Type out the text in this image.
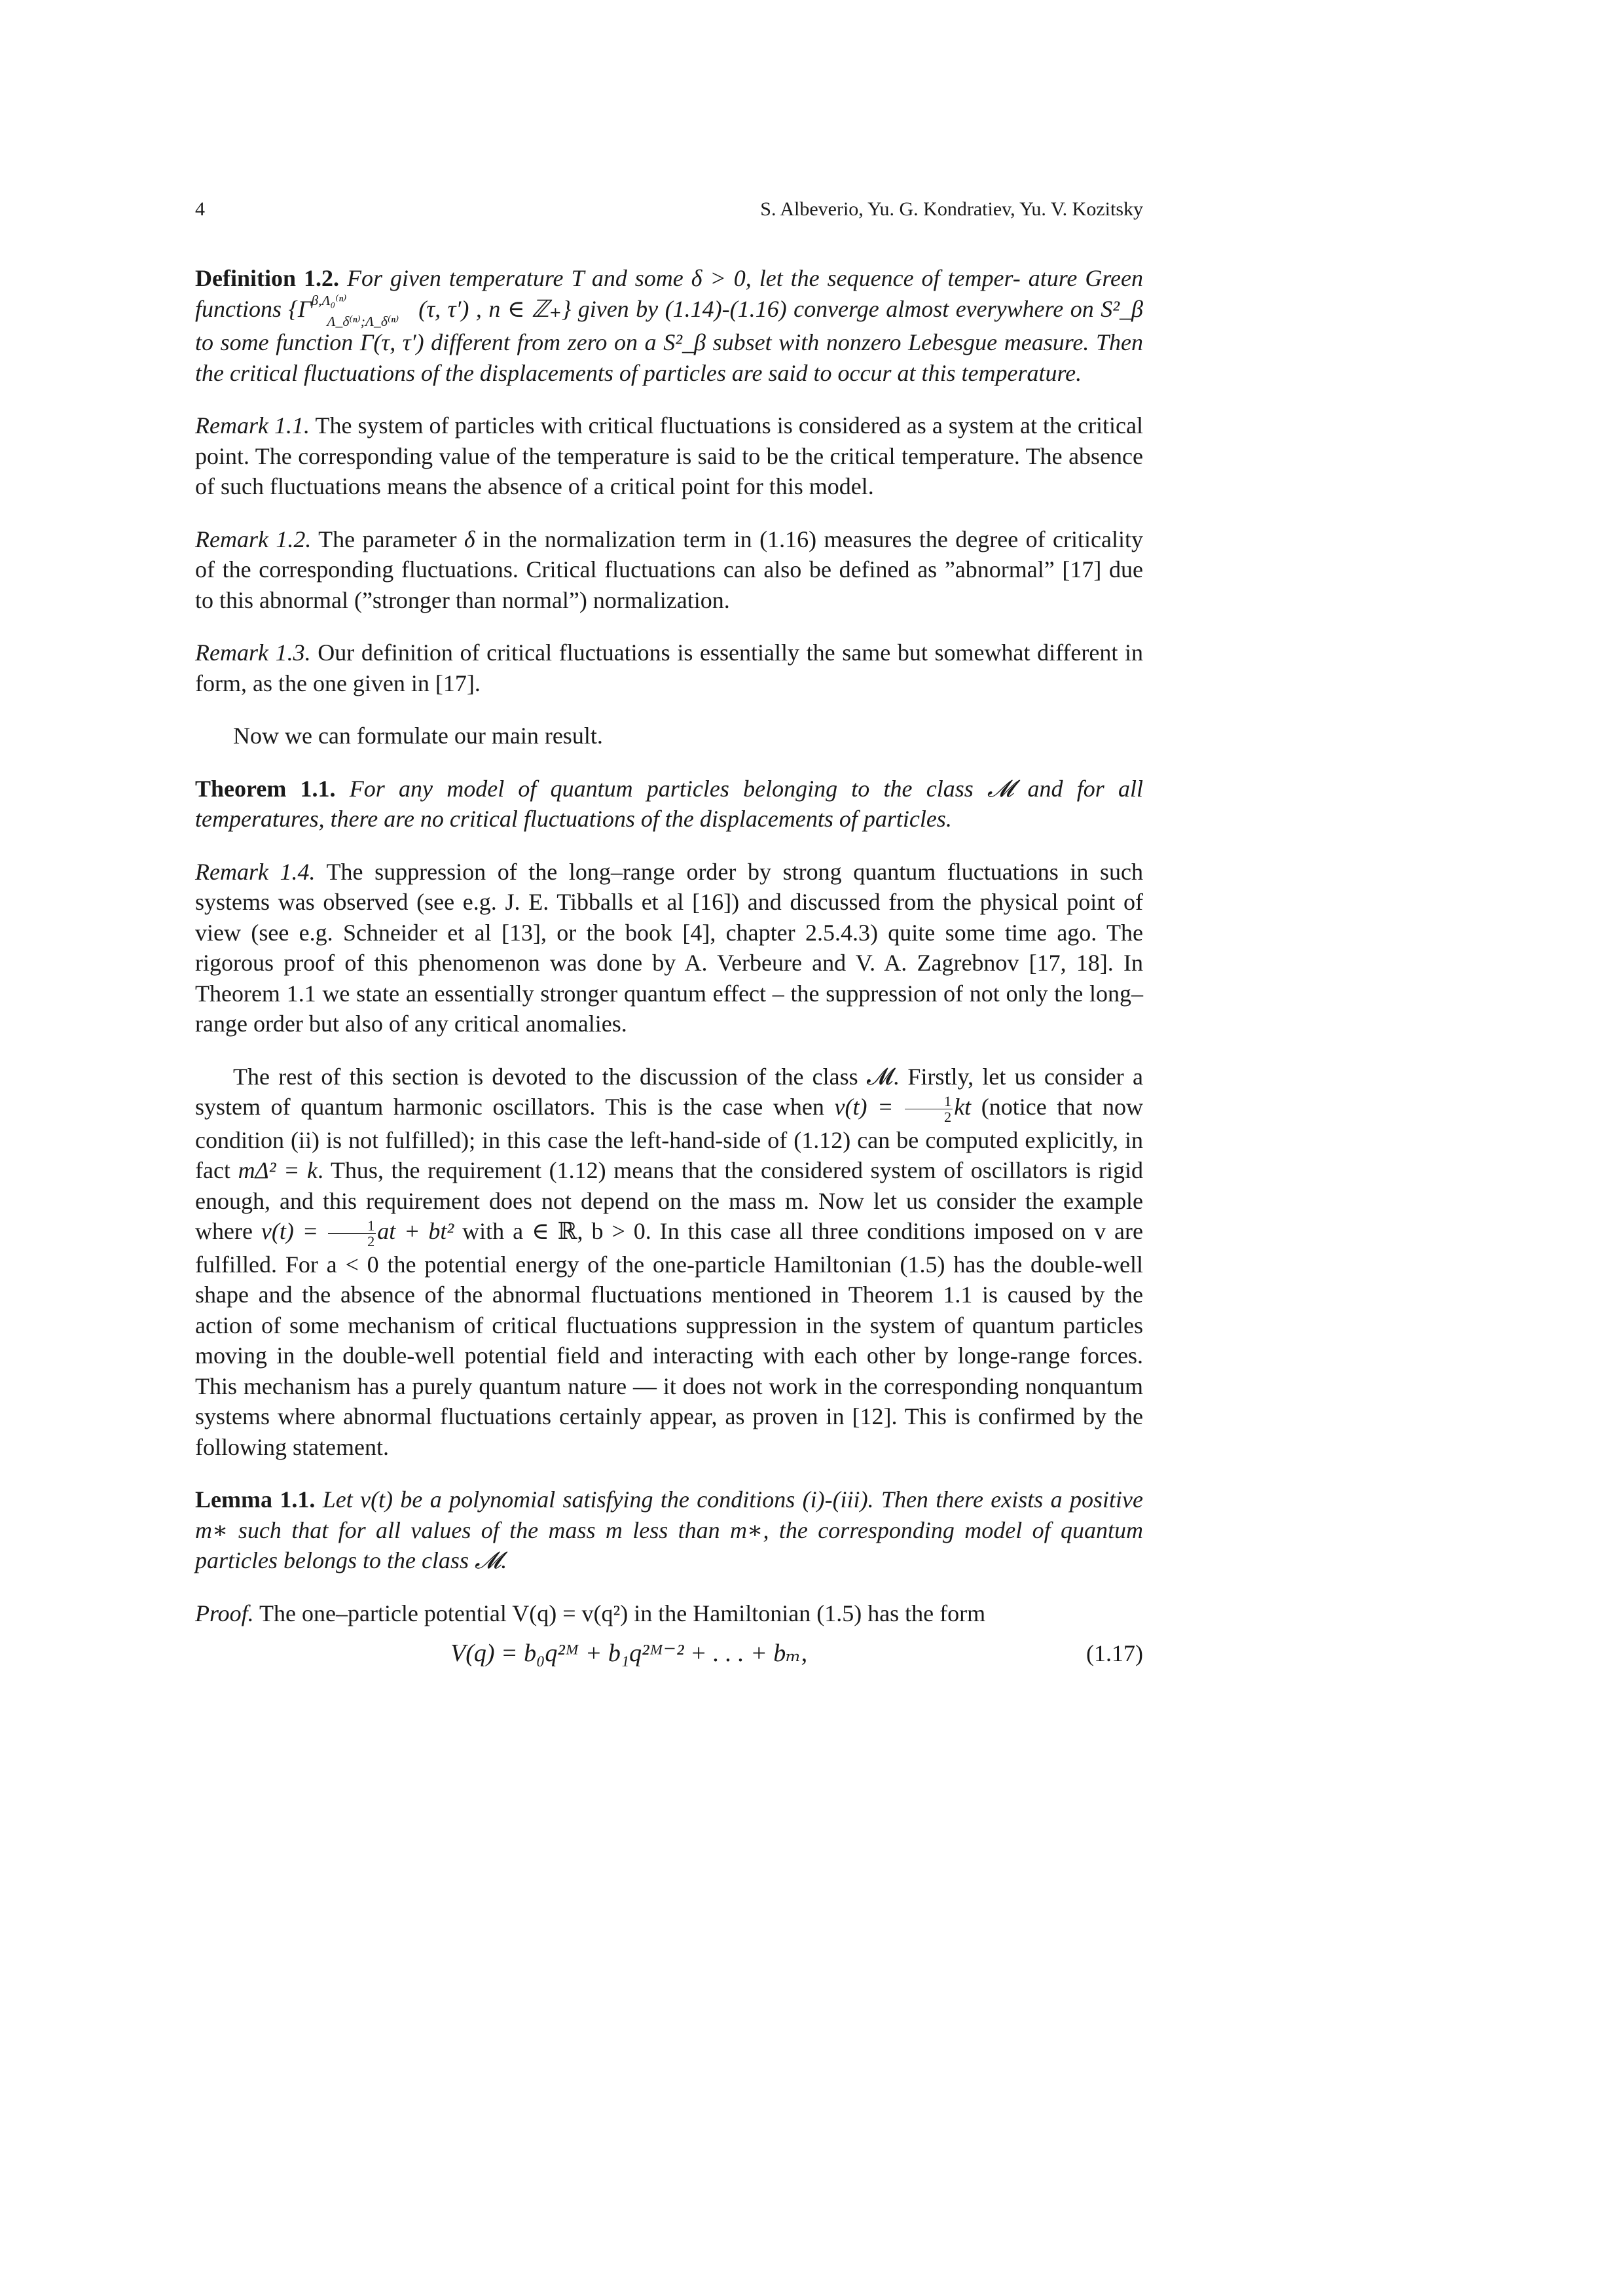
4	S. Albeverio, Yu. G. Kondratiev, Yu. V. Kozitsky

Definition 1.2. For given temperature T and some δ > 0, let the sequence of temper- ature Green functions {$\Gamma^{\beta,\Lambda_0^{(n)}}_{\Lambda\_\delta^{(n)};\Lambda\_\delta^{(n)}}$ (τ, τ′) , n ∈ ℤ₊} given by (1.14)-(1.16) converge almost everywhere on S²_β to some function Γ(τ, τ′) different from zero on a S²_β subset with nonzero Lebesgue measure. Then the critical fluctuations of the displacements of particles are said to occur at this temperature.

Remark 1.1. The system of particles with critical fluctuations is considered as a system at the critical point. The corresponding value of the temperature is said to be the critical temperature. The absence of such fluctuations means the absence of a critical point for this model.

Remark 1.2. The parameter δ in the normalization term in (1.16) measures the degree of criticality of the corresponding fluctuations. Critical fluctuations can also be defined as ”abnormal” [17] due to this abnormal (”stronger than normal”) normalization.

Remark 1.3. Our definition of critical fluctuations is essentially the same but somewhat different in form, as the one given in [17].

Now we can formulate our main result.

Theorem 1.1. For any model of quantum particles belonging to the class 𝓜 and for all temperatures, there are no critical fluctuations of the displacements of particles.

Remark 1.4. The suppression of the long–range order by strong quantum fluctuations in such systems was observed (see e.g. J. E. Tibballs et al [16]) and discussed from the physical point of view (see e.g. Schneider et al [13], or the book [4], chapter 2.5.4.3) quite some time ago. The rigorous proof of this phenomenon was done by A. Verbeure and V. A. Zagrebnov [17, 18]. In Theorem 1.1 we state an essentially stronger quantum effect – the suppression of not only the long–range order but also of any critical anomalies.

The rest of this section is devoted to the discussion of the class 𝓜. Firstly, let us consider a system of quantum harmonic oscillators. This is the case when $v(t) = \frac{1}{2}$ kt (notice that now condition (ii) is not fulfilled); in this case the left-hand-side of (1.12) can be computed explicitly, in fact mΔ² = k. Thus, the requirement (1.12) means that the considered system of oscillators is rigid enough, and this requirement does not depend on the mass m. Now let us consider the example where $v(t) = \frac{1}{2}$ at + bt² with a ∈ ℝ, b > 0. In this case all three conditions imposed on v are fulfilled. For a < 0 the potential energy of the one-particle Hamiltonian (1.5) has the double-well shape and the absence of the abnormal fluctuations mentioned in Theorem 1.1 is caused by the action of some mechanism of critical fluctuations suppression in the system of quantum particles moving in the double-well potential field and interacting with each other by longe-range forces. This mechanism has a purely quantum nature — it does not work in the corresponding nonquantum systems where abnormal fluctuations certainly appear, as proven in [12]. This is confirmed by the following statement.

Lemma 1.1. Let v(t) be a polynomial satisfying the conditions (i)-(iii). Then there exists a positive m∗ such that for all values of the mass m less than m∗, the corresponding model of quantum particles belongs to the class 𝓜.

Proof. The one–particle potential V(q) = v(q²) in the Hamiltonian (1.5) has the form

V(q) = b₀q²ᴹ + b₁q²ᴹ⁻² + . . . + bₘ,	(1.17)
